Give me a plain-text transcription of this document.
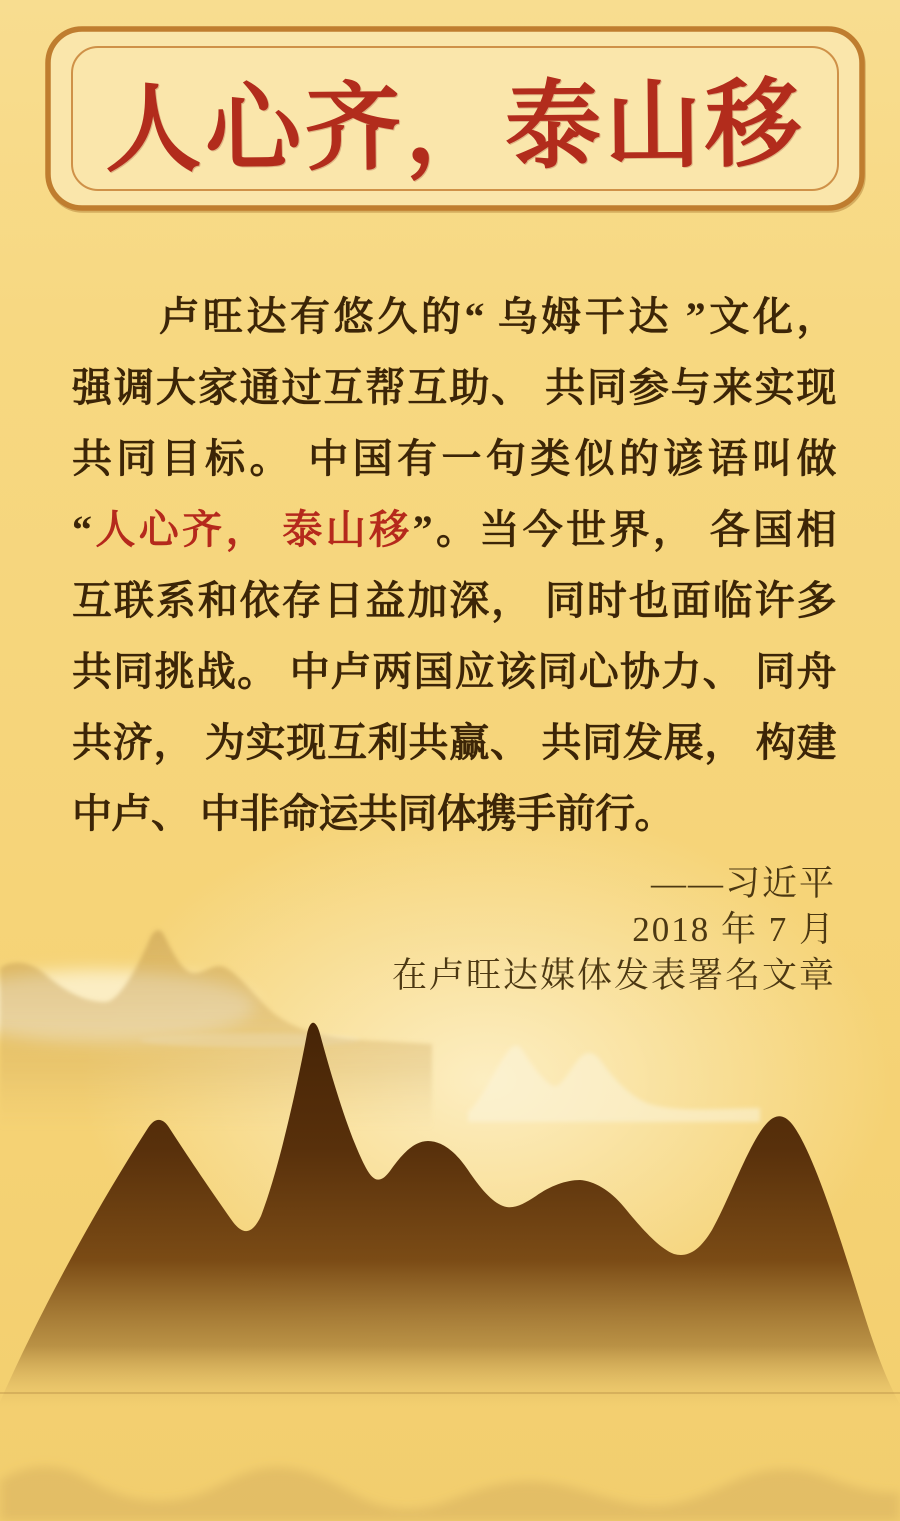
人心齐，泰山移
　　卢旺达有悠久的“ 乌姆干达 ”文化，
强调大家通过互帮互助、 共同参与来实现
共同目标。 中国有一句类似的谚语叫做
“人心齐， 泰山移”。当今世界， 各国相
互联系和依存日益加深， 同时也面临许多
共同挑战。 中卢两国应该同心协力、 同舟
共济， 为实现互利共赢、 共同发展， 构建
中卢、 中非命运共同体携手前行。
——习近平
2018 年 7 月
在卢旺达媒体发表署名文章
